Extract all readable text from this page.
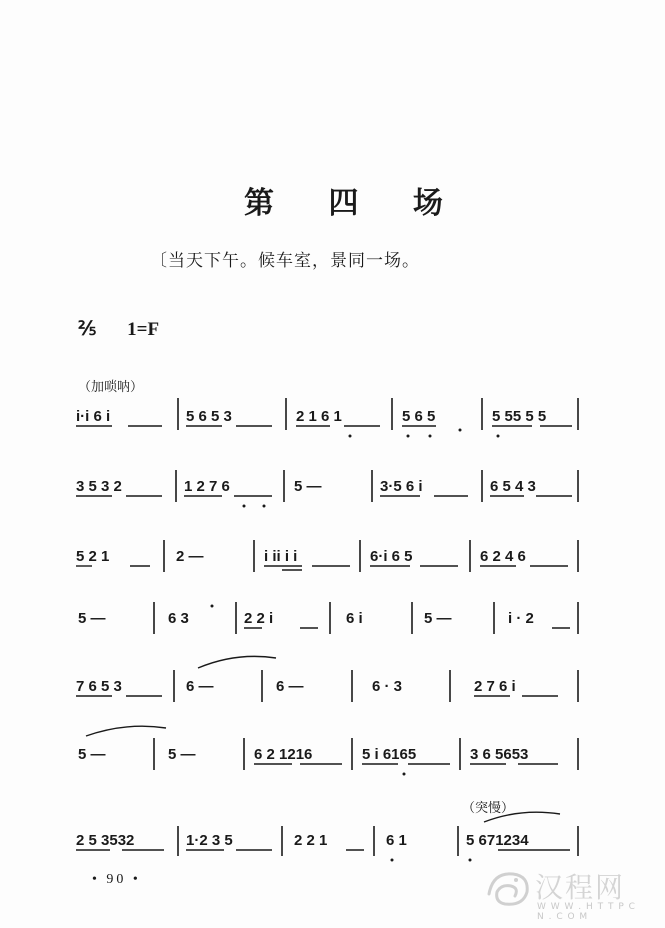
第 四 场
〔当天下午。候车室，景同一场。
⅖ 1=F
（加唢呐）
（突慢）
i·i 6 i	5 6 5 3	2 1 6 1	5 6 5	5 55 5 5
3 5 3 2	1 2 7 6	5 —	3·5 6 i	6 5 4 3
5 2 1	2 —	i ii i i	6·i 6 5	6 2 4 6
5 —	6 3	2 2 i	6 i	5 —	i · 2
7 6 5 3	6 —	6 —	6 · 3	2 7 6 i
5 —	5 —	6 2 1216	5 i 6165	3 6 5653
2 5 3532	1·2 3 5	2 2 1	6 1	5 671234
• 90 •	汉程网
W W W . H T T P C N . C O M
